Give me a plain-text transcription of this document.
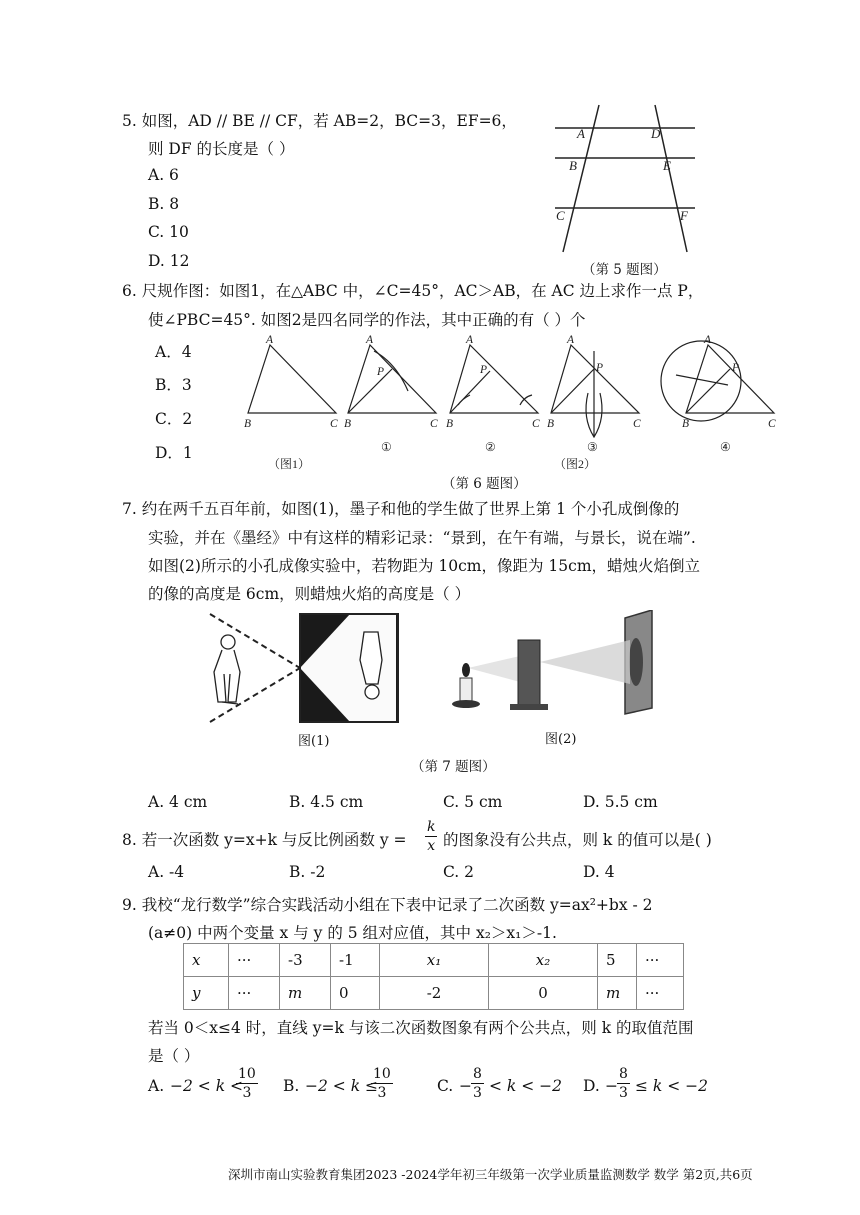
5. 如图，AD // BE // CF，若 AB=2，BC=3，EF=6，
则 DF 的长度是（ ）
A. 6
B. 8
C. 10
D. 12
A	D
B	E
C	F
（第 5 题图）
6. 尺规作图：如图1，在△ABC 中，∠C=45°，AC＞AB，在 AC 边上求作一点 P，
使∠PBC=45°. 如图2是四名同学的作法，其中正确的有（ ）个
A．4
B．3
C．2
D．1
A
B	C
A
P
B	C
A
P
B	C
A
P
B	C
A
P
B	C
（图1）
①	②	③	④
（图2）
（第 6 题图）
7. 约在两千五百年前，如图(1)，墨子和他的学生做了世界上第 1 个小孔成倒像的
实验，并在《墨经》中有这样的精彩记录：“景到，在午有端，与景长，说在端”.
如图(2)所示的小孔成像实验中，若物距为 10cm，像距为 15cm，蜡烛火焰倒立
的像的高度是 6cm，则蜡烛火焰的高度是（ ）
图(1)	图(2)
（第 7 题图）
A. 4 cm	B. 4.5 cm	C. 5 cm	D. 5.5 cm
8. 若一次函数 y=x+k 与反比例函数 $y = \frac{k}{x}$ 的图象没有公共点，则 k 的值可以是( )
A. -4	B. -2	C. 2	D. 4
9. 我校“龙行数学”综合实践活动小组在下表中记录了二次函数 y=ax²+bx - 2
(a≠0) 中两个变量 x 与 y 的 5 组对应值，其中 x₂＞x₁＞-1.
x	···	-3	-1	x₁	x₂	5	···
y	···	m	0	-2	0	m	···
若当 0＜x≤4 时，直线 y=k 与该二次函数图象有两个公共点，则 k 的取值范围
是（ ）
A. −2 < k <
$\frac{10}{3} B$. −2 < k ≤
$\frac{10}{3}$	C. − $\frac{8}{3} < k < -2$ D. − $\frac{8}{3} \le k < -2$
深圳市南山实验教育集团2023 -2024学年初三年级第一次学业质量监测数学 数学 第2页,共6页
